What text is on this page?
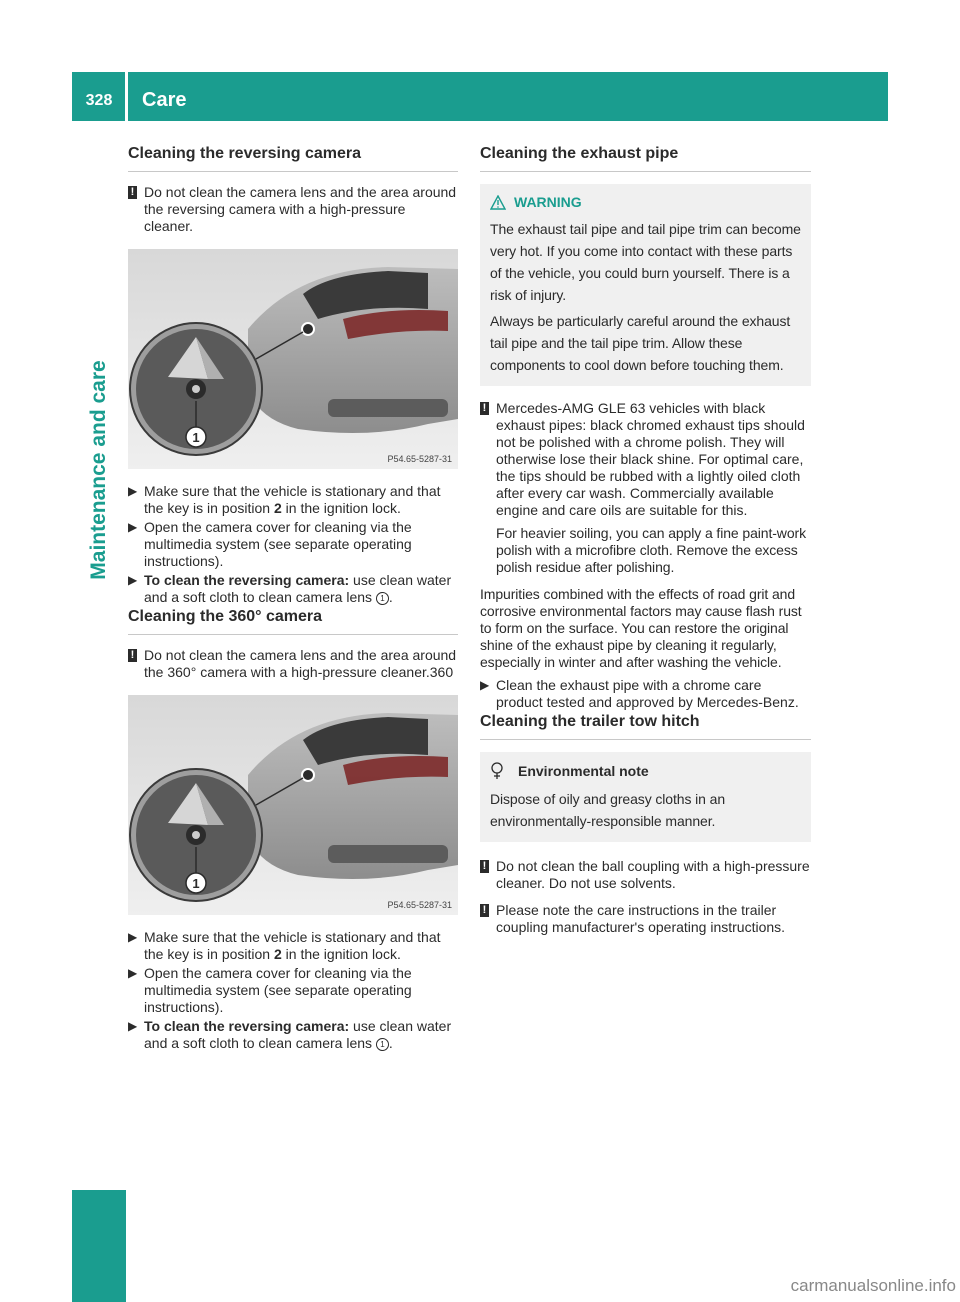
328	Care
Maintenance and care
Cleaning the reversing camera
! Do not clean the camera lens and the area around the reversing camera with a high-pressure cleaner.
1
P54.65-5287-31
▶ Make sure that the vehicle is stationary and that the key is in position 2 in the ignition lock.
▶ Open the camera cover for cleaning via the multimedia system (see separate operating instructions).
▶ To clean the reversing camera: use clean water and a soft cloth to clean camera lens 1 .
Cleaning the 360° camera
! Do not clean the camera lens and the area around the 360° camera with a high-pressure cleaner.360
1
P54.65-5287-31
▶ Make sure that the vehicle is stationary and that the key is in position 2 in the ignition lock.
▶ Open the camera cover for cleaning via the multimedia system (see separate operating instructions).
▶ To clean the reversing camera: use clean water and a soft cloth to clean camera lens 1 .
Cleaning the exhaust pipe
WARNING

The exhaust tail pipe and tail pipe trim can become very hot. If you come into contact with these parts of the vehicle, you could burn yourself. There is a risk of injury.

Always be particularly careful around the exhaust tail pipe and the tail pipe trim. Allow these components to cool down before touching them.

! Mercedes-AMG GLE 63 vehicles with black exhaust pipes: black chromed exhaust tips should not be polished with a chrome polish. They will otherwise lose their black shine. For optimal care, the tips should be rubbed with a lightly oiled cloth after every car wash. Commercially available engine and care oils are suitable for this.

For heavier soiling, you can apply a fine paint-work polish with a microfibre cloth. Remove the excess polish residue after polishing.

Impurities combined with the effects of road grit and corrosive environmental factors may cause flash rust to form on the surface. You can restore the original shine of the exhaust pipe by cleaning it regularly, especially in winter and after washing the vehicle.

▶ Clean the exhaust pipe with a chrome care product tested and approved by Mercedes-Benz.
Cleaning the trailer tow hitch
Environmental note

Dispose of oily and greasy cloths in an environmentally-responsible manner.

! Do not clean the ball coupling with a high-pressure cleaner. Do not use solvents.
! Please note the care instructions in the trailer coupling manufacturer's operating instructions.
carmanualsonline.info
